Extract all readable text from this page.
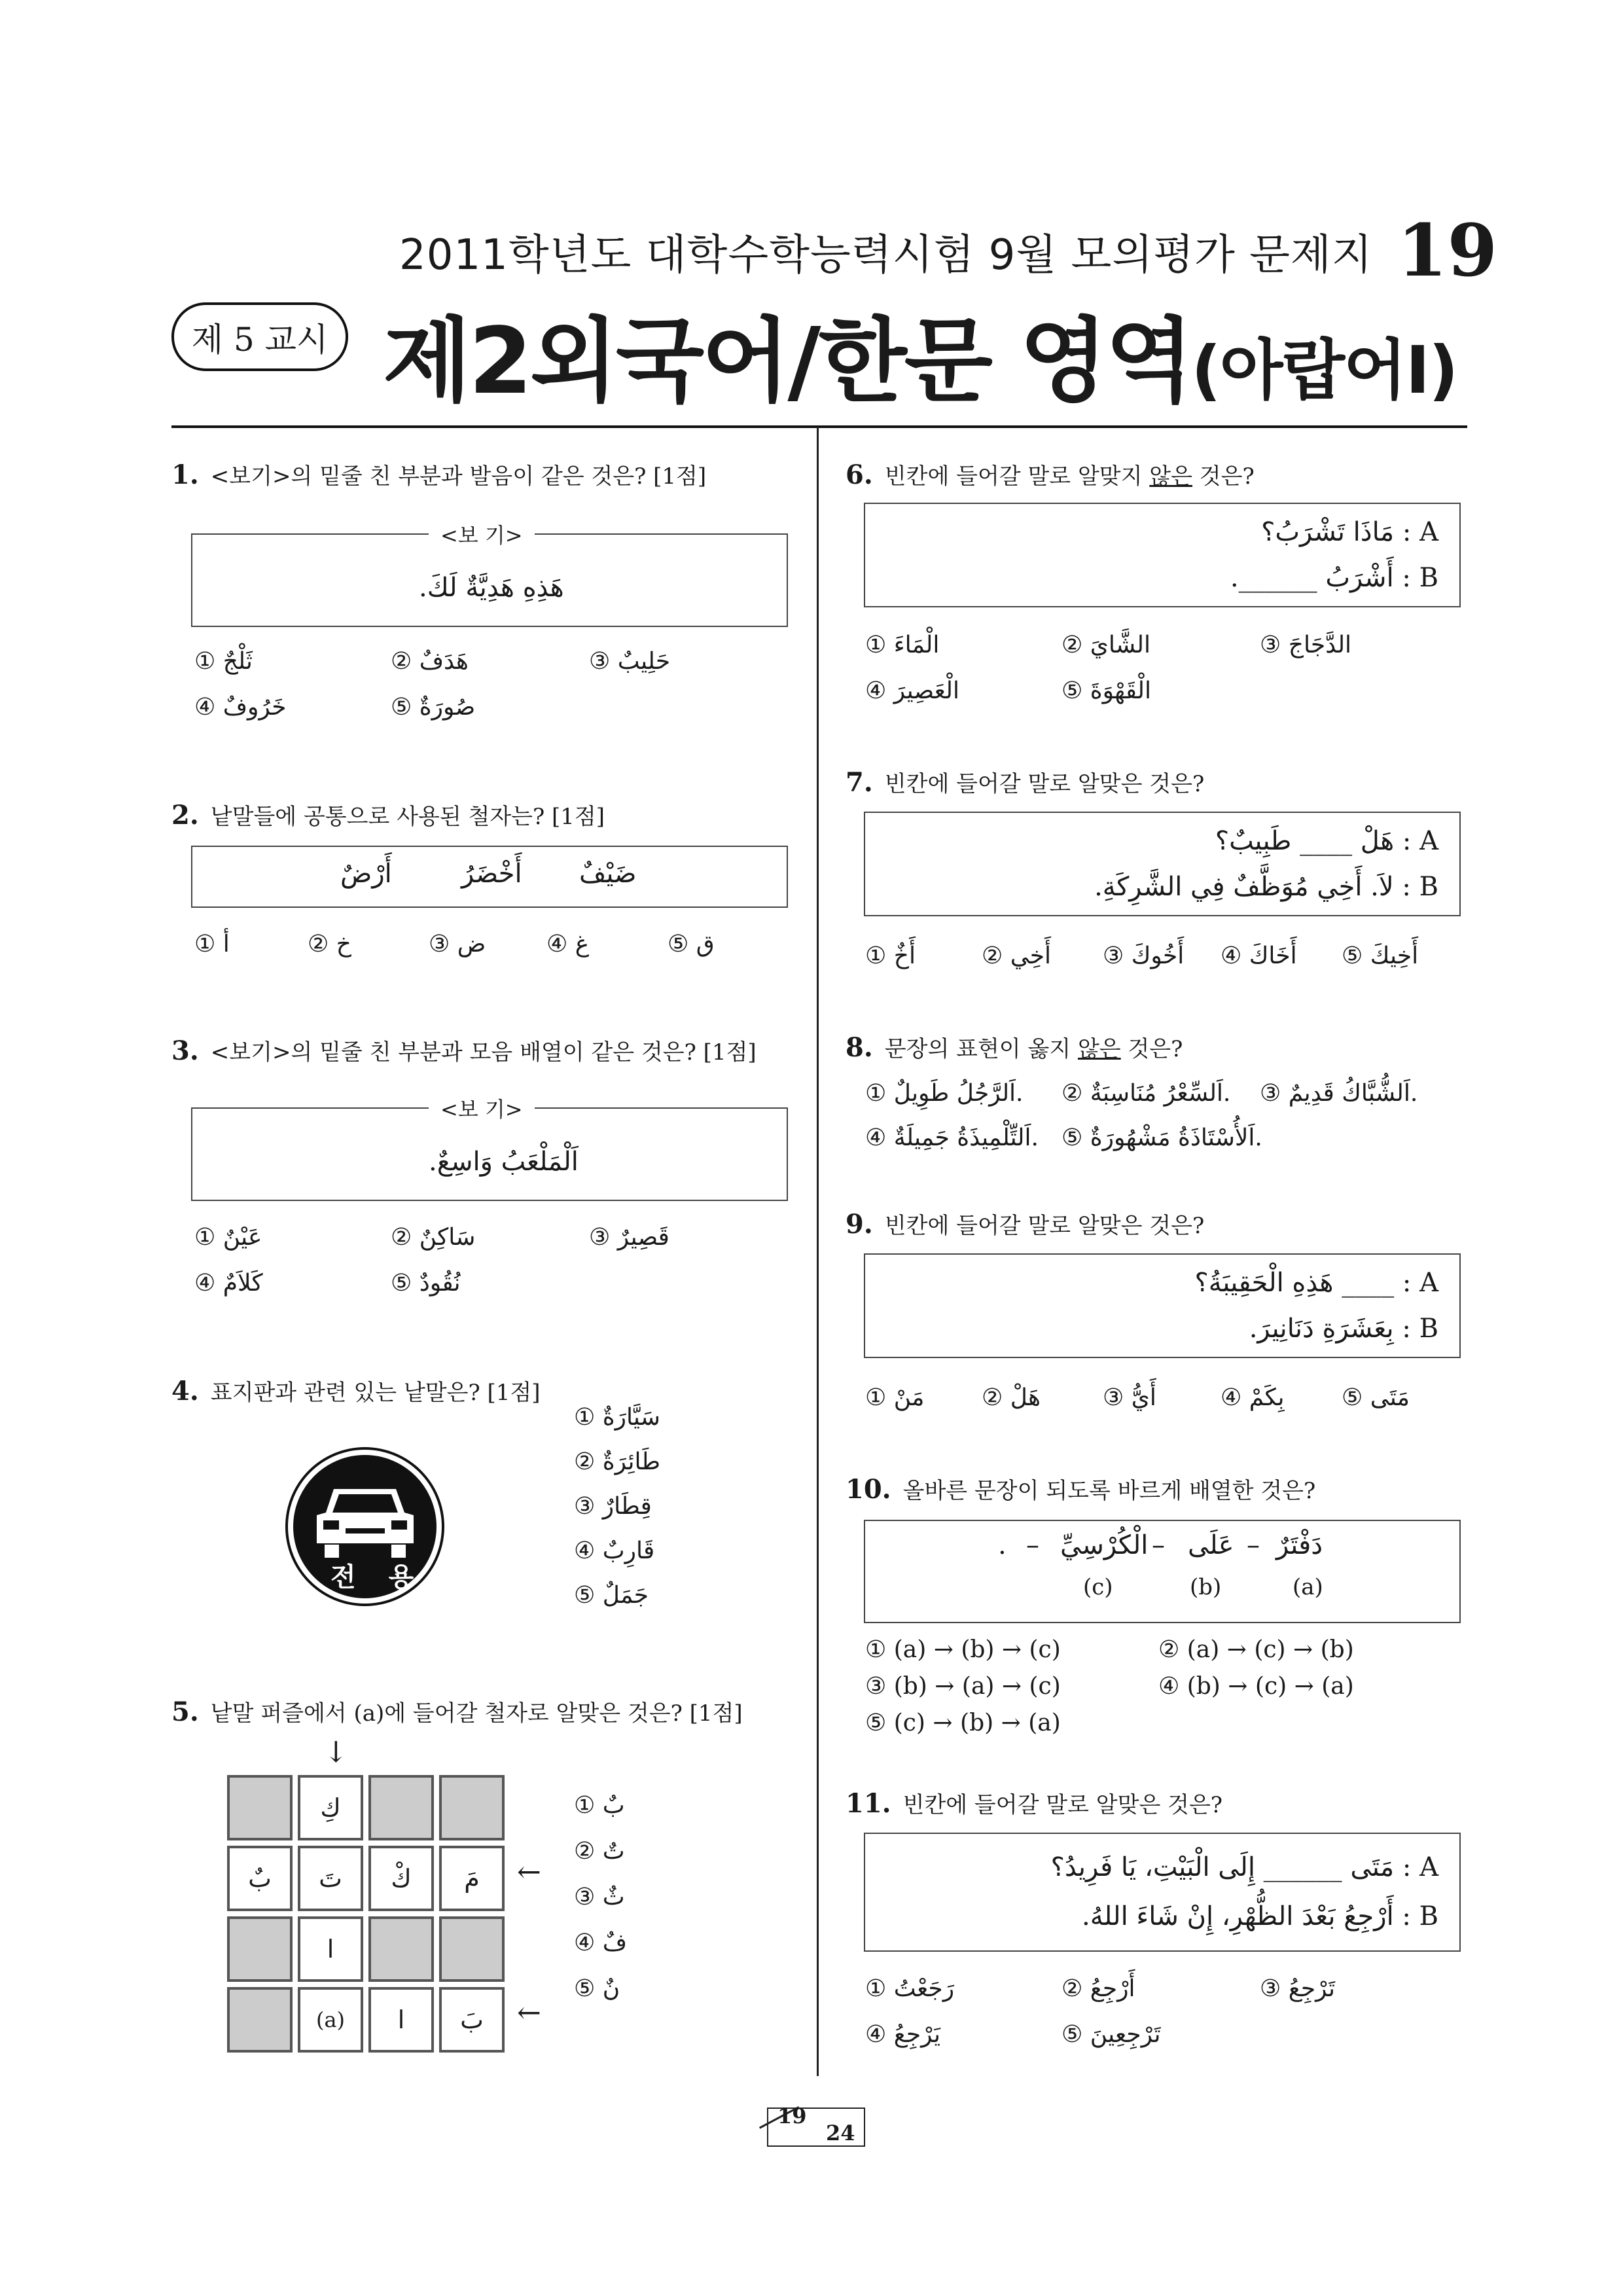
2011학년도 대학수학능력시험 9월 모의평가 문제지 19
제 5 교시 제2외국어/한문 영역(아랍어Ⅰ)
1. <보기>의 밑줄 친 부분과 발음이 같은 것은? [1점]
<보 기>
هَذِهِ هَدِيَّةٌ لَكَ.
① ثَلْجٌ	② هَدَفٌ	③ حَلِيبٌ
④ خَرُوفٌ	⑤ صُورَةٌ
2. 낱말들에 공통으로 사용된 철자는? [1점]
ضَيْفٌ
أَخْضَرُ
أَرْضٌ
① أ	② خ	③ ض	④ غ	⑤ ق
3. <보기>의 밑줄 친 부분과 모음 배열이 같은 것은? [1점]
<보 기>
اَلْمَلْعَبُ وَاسِعٌ.
① عَيْنٌ	② سَاكِنٌ	③ قَصِيرٌ
④ كَلاَمٌ	⑤ نُقُودٌ
4. 표지판과 관련 있는 낱말은? [1점]
전 용
① سَيَّارَةٌ
② طَائِرَةٌ
③ قِطَارٌ
④ قَارِبٌ
⑤ جَمَلٌ
5. 낱말 퍼즐에서 (a)에 들어갈 철자로 알맞은 것은? [1점]
↓
كِ
بٌ	تَ	كْ	مَ
ا
(a)	ا	بَ
←
←
① بٌ
② تٌ
③ ثٌ
④ فٌ
⑤ نٌ
6. 빈칸에 들어갈 말로 알맞지 않은 것은?
A : مَاذَا تَشْرَبُ؟
B : أَشْرَبُ ______.
① الْمَاءَ	② الشَّايَ	③ الدَّجَاجَ
④ الْعَصِيرَ	⑤ الْقَهْوَةَ
7. 빈칸에 들어갈 말로 알맞은 것은?
A : هَلْ ____ طَبِيبٌ؟
B : لاَ. أَخِي مُوَظَّفٌ فِي الشَّرِكَةِ.
① أَخٌ	② أَخِي ③ أَخُوكَ ④ أَخَاكَ ⑤ أَخِيكَ
8. 문장의 표현이 옳지 않은 것은?
① اَلرَّجُلُ طَوِيلٌ. ② اَلسِّعْرُ مُنَاسِبَةٌ. ③ اَلشُّبَّاكُ قَدِيمٌ.
④ اَلتِّلْمِيذَةُ جَمِيلَةٌ. ⑤ اَلأُسْتَاذَةُ مَشْهُورَةٌ.
9. 빈칸에 들어갈 말로 알맞은 것은?
A : ____ هَذِهِ الْحَقِيبَةُ؟
B : بِعَشَرَةِ دَنَانِيرَ.
① مَنْ ② هَلْ	③ أَيُّ	④ بِكَمْ ⑤ مَتَى
10. 올바른 문장이 되도록 바르게 배열한 것은?
دَفْتَرٌ
–
عَلَى
–
الْكُرْسِيِّ
–
.
(a)
(b)
(c)
① (a) → (b) → (c)	② (a) → (c) → (b)
③ (b) → (a) → (c)	④ (b) → (c) → (a)
⑤ (c) → (b) → (a)
11. 빈칸에 들어갈 말로 알맞은 것은?
A : مَتَى ______ إِلَى الْبَيْتِ، يَا فَرِيدُ؟
B : أَرْجِعُ بَعْدَ الظُّهْرِ، إِنْ شَاءَ اللهُ.
① رَجَعْتُ	② أَرْجِعُ	③ تَرْجِعُ
④ يَرْجِعُ	⑤ تَرْجِعِينَ
19
24
